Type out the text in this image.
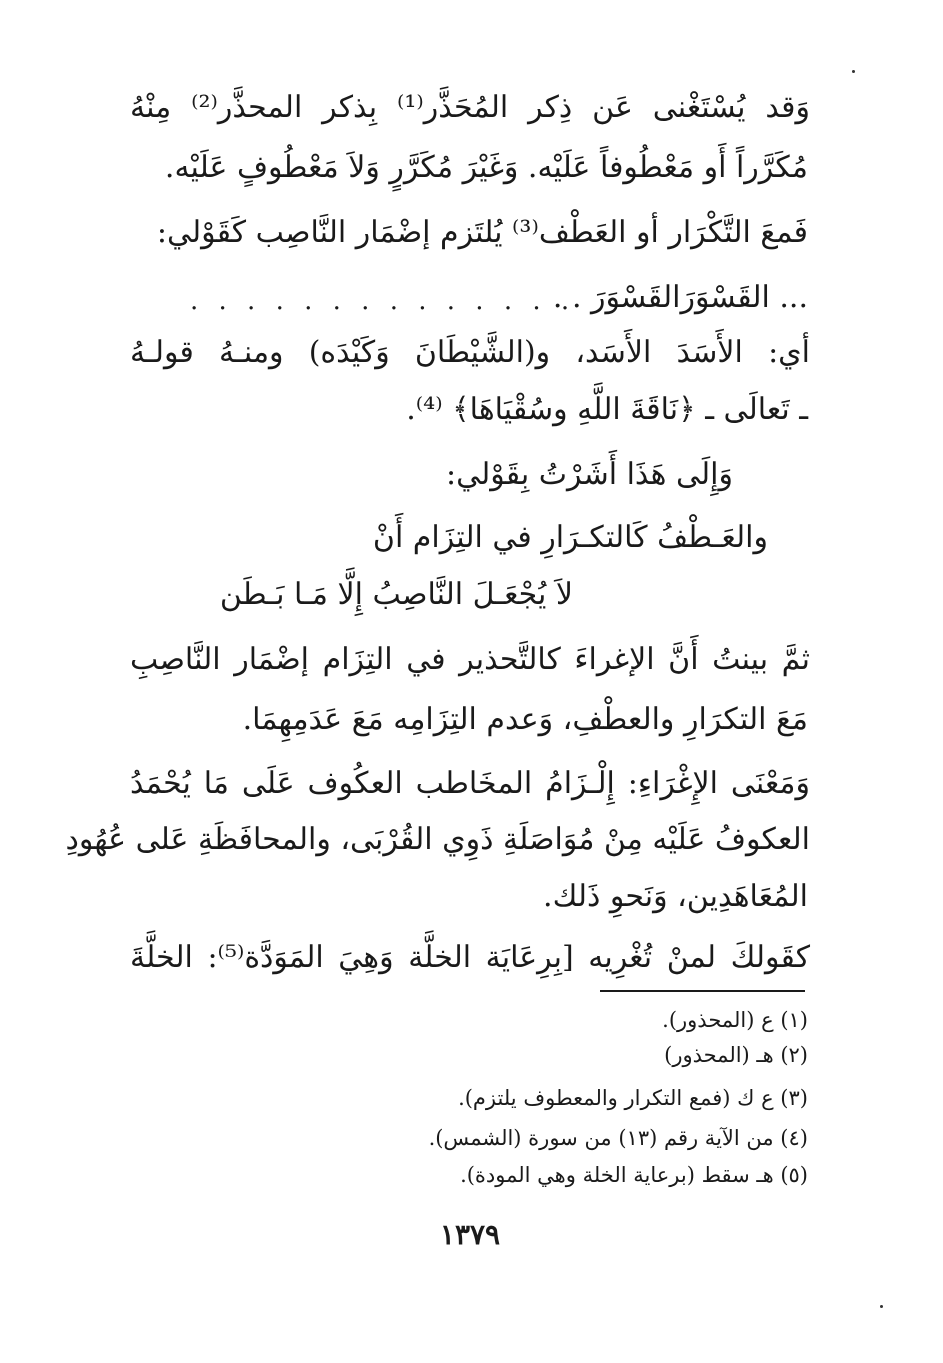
وَقد يُسْتَغْنى عَن ذِكر المُحَذَّر⁽¹⁾ بِذكر المحذَّر⁽²⁾ مِنْهُ
مُكَرَّراً أَو مَعْطُوفاً عَلَيْه. وَغَيْرَ مُكَرَّرٍ وَلاَ مَعْطُوفٍ عَلَيْه.
فَمعَ التَّكْرَار أو العَطْف⁽³⁾ يُلتَزم إضْمَار النَّاصِب كَقَوْلي:
... القَسْوَرَالقَسْوَرَ . .
. . . . . . . . . . . . . .
أي: الأَسَدَ الأَسَد، و(الشَّيْطَانَ وَكَيْدَه) ومنـهُ قولـهُ
ـ تَعالَى ـ ﴿نَاقَةَ اللَّهِ وسُقْيَاهَا﴾ ⁽⁴⁾.
وَإِلَى هَذَا أَشَرْتُ بِقَوْلي:
والعَـطْفُ كَالتكـرَارِ في التِزَام أَنْ
لاَ يُجْعَـلَ النَّاصِبُ إِلَّا مَـا بَـطَن
ثمَّ بينتُ أَنَّ الإغراءَ كالتَّحذير في التِزَام إضْمَار النَّاصِبِ
مَعَ التكرَارِ والعطْفِ، وَعدم التِزَامِه مَعَ عَدَمِهِمَا.
وَمَعْنَى الإِغْرَاءِ: إِلْـزَامُ المخَاطب العكُوف عَلَى مَا يُحْمَدُ
العكوفُ عَلَيْه مِنْ مُوَاصَلَةِ ذَوِي القُرْبَى، والمحافَظَةِ عَلى عُهُودِ
المُعَاهَدِين، وَنَحوِ ذَلك.
كقَولكَ لمنْ تُغْرِيه [بِرِعَايَة الخلَّة وَهِيَ المَوَدَّة⁽⁵⁾: الخلَّةَ
(١) ع (المحذور).
(٢) هـ (المحذور)
(٣) ع ك (فمع التكرار والمعطوف يلتزم).
(٤) من الآية رقم (١٣) من سورة (الشمس).
(٥) هـ سقط (برعاية الخلة وهي المودة).
١٣٧٩
